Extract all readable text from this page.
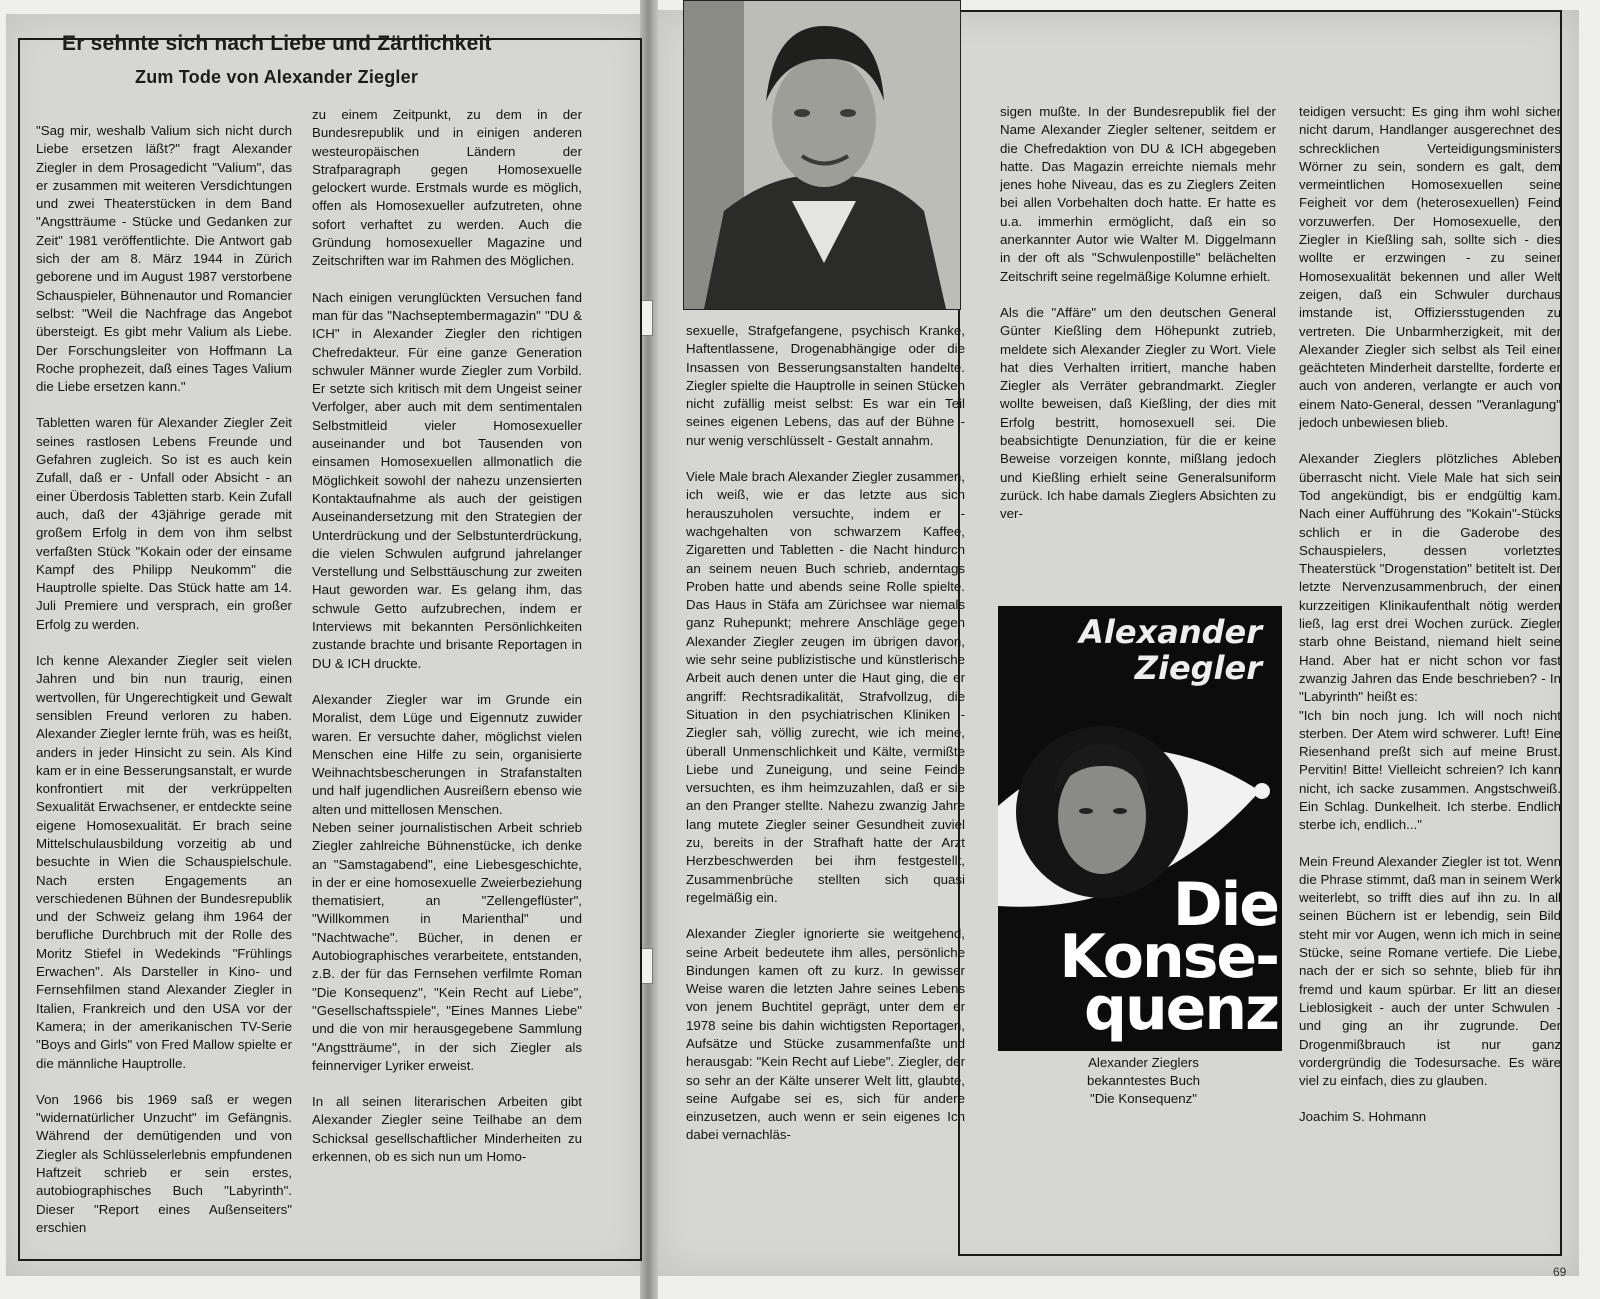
Er sehnte sich nach Liebe und Zärtlichkeit
Zum Tode von Alexander Ziegler

"Sag mir, weshalb Valium sich nicht durch Liebe ersetzen läßt?" fragt Alexander Ziegler in dem Prosagedicht "Valium", das er zusammen mit weiteren Versdichtungen und zwei Theaterstücken in dem Band "Angstträume - Stücke und Gedanken zur Zeit" 1981 veröffentlichte. Die Antwort gab sich der am 8. März 1944 in Zürich geborene und im August 1987 verstorbene Schauspieler, Bühnenautor und Romancier selbst: "Weil die Nachfrage das Angebot übersteigt. Es gibt mehr Valium als Liebe. Der Forschungsleiter von Hoffmann La Roche prophezeit, daß eines Tages Valium die Liebe ersetzen kann."

Tabletten waren für Alexander Ziegler Zeit seines rastlosen Lebens Freunde und Gefahren zugleich. So ist es auch kein Zufall, daß er - Unfall oder Absicht - an einer Überdosis Tabletten starb. Kein Zufall auch, daß der 43jährige gerade mit großem Erfolg in dem von ihm selbst verfaßten Stück "Kokain oder der einsame Kampf des Philipp Neukomm" die Hauptrolle spielte. Das Stück hatte am 14. Juli Premiere und versprach, ein großer Erfolg zu werden.

Ich kenne Alexander Ziegler seit vielen Jahren und bin nun traurig, einen wertvollen, für Ungerechtigkeit und Gewalt sensiblen Freund verloren zu haben. Alexander Ziegler lernte früh, was es heißt, anders in jeder Hinsicht zu sein. Als Kind kam er in eine Besserungsanstalt, er wurde konfrontiert mit der verkrüppelten Sexualität Erwachsener, er entdeckte seine eigene Homosexualität. Er brach seine Mittelschulausbildung vorzeitig ab und besuchte in Wien die Schauspielschule. Nach ersten Engagements an verschiedenen Bühnen der Bundesrepublik und der Schweiz gelang ihm 1964 der berufliche Durchbruch mit der Rolle des Moritz Stiefel in Wedekinds "Frühlings Erwachen". Als Darsteller in Kino- und Fernsehfilmen stand Alexander Ziegler in Italien, Frankreich und den USA vor der Kamera; in der amerikanischen TV-Serie "Boys and Girls" von Fred Mallow spielte er die männliche Hauptrolle.

Von 1966 bis 1969 saß er wegen "widernatürlicher Unzucht" im Gefängnis. Während der demütigenden und von Ziegler als Schlüsselerlebnis empfundenen Haftzeit schrieb er sein erstes, autobiographisches Buch "Labyrinth". Dieser "Report eines Außenseiters" erschien

zu einem Zeitpunkt, zu dem in der Bundesrepublik und in einigen anderen westeuropäischen Ländern der Strafparagraph gegen Homosexuelle gelockert wurde. Erstmals wurde es möglich, offen als Homosexueller aufzutreten, ohne sofort verhaftet zu werden. Auch die Gründung homosexueller Magazine und Zeitschriften war im Rahmen des Möglichen.

Nach einigen verunglückten Versuchen fand man für das "Nachseptembermagazin" "DU & ICH" in Alexander Ziegler den richtigen Chefredakteur. Für eine ganze Generation schwuler Männer wurde Ziegler zum Vorbild. Er setzte sich kritisch mit dem Ungeist seiner Verfolger, aber auch mit dem sentimentalen Selbstmitleid vieler Homosexueller auseinander und bot Tausenden von einsamen Homosexuellen allmonatlich die Möglichkeit sowohl der nahezu unzensierten Kontaktaufnahme als auch der geistigen Auseinandersetzung mit den Strategien der Unterdrückung und der Selbstunterdrückung, die vielen Schwulen aufgrund jahrelanger Verstellung und Selbsttäuschung zur zweiten Haut geworden war. Es gelang ihm, das schwule Getto aufzubrechen, indem er Interviews mit bekannten Persönlichkeiten zustande brachte und brisante Reportagen in DU & ICH druckte.

Alexander Ziegler war im Grunde ein Moralist, dem Lüge und Eigennutz zuwider waren. Er versuchte daher, möglichst vielen Menschen eine Hilfe zu sein, organisierte Weihnachtsbescherungen in Strafanstalten und half jugendlichen Ausreißern ebenso wie alten und mittellosen Menschen.

Neben seiner journalistischen Arbeit schrieb Ziegler zahlreiche Bühnenstücke, ich denke an "Samstagabend", eine Liebesgeschichte, in der er eine homosexuelle Zweierbeziehung thematisiert, an "Zellengeflüster", "Willkommen in Marienthal" und "Nachtwache". Bücher, in denen er Autobiographisches verarbeitete, entstanden, z.B. der für das Fernsehen verfilmte Roman "Die Konsequenz", "Kein Recht auf Liebe", "Gesellschaftsspiele", "Eines Mannes Liebe" und die von mir herausgegebene Sammlung "Angstträume", in der sich Ziegler als feinnerviger Lyriker erweist.

In all seinen literarischen Arbeiten gibt Alexander Ziegler seine Teilhabe an dem Schicksal gesellschaftlicher Minderheiten zu erkennen, ob es sich nun um Homo-

sexuelle, Strafgefangene, psychisch Kranke, Haftentlassene, Drogenabhängige oder die Insassen von Besserungsanstalten handelte. Ziegler spielte die Hauptrolle in seinen Stücken nicht zufällig meist selbst: Es war ein Teil seines eigenen Lebens, das auf der Bühne - nur wenig verschlüsselt - Gestalt annahm.

Viele Male brach Alexander Ziegler zusammen, ich weiß, wie er das letzte aus sich herauszuholen versuchte, indem er - wachgehalten von schwarzem Kaffee, Zigaretten und Tabletten - die Nacht hindurch an seinem neuen Buch schrieb, anderntags Proben hatte und abends seine Rolle spielte. Das Haus in Stäfa am Zürichsee war niemals ganz Ruhepunkt; mehrere Anschläge gegen Alexander Ziegler zeugen im übrigen davon, wie sehr seine publizistische und künstlerische Arbeit auch denen unter die Haut ging, die er angriff: Rechtsradikalität, Strafvollzug, die Situation in den psychiatrischen Kliniken - Ziegler sah, völlig zurecht, wie ich meine, überall Unmenschlichkeit und Kälte, vermißte Liebe und Zuneigung, und seine Feinde versuchten, es ihm heimzuzahlen, daß er sie an den Pranger stellte. Nahezu zwanzig Jahre lang mutete Ziegler seiner Gesundheit zuviel zu, bereits in der Strafhaft hatte der Arzt Herzbeschwerden bei ihm festgestellt, Zusammenbrüche stellten sich quasi regelmäßig ein.

Alexander Ziegler ignorierte sie weitgehend, seine Arbeit bedeutete ihm alles, persönliche Bindungen kamen oft zu kurz. In gewisser Weise waren die letzten Jahre seines Lebens von jenem Buchtitel geprägt, unter dem er 1978 seine bis dahin wichtigsten Reportagen, Aufsätze und Stücke zusammenfaßte und herausgab: "Kein Recht auf Liebe". Ziegler, der so sehr an der Kälte unserer Welt litt, glaubte, seine Aufgabe sei es, sich für andere einzusetzen, auch wenn er sein eigenes Ich dabei vernachläs-

sigen mußte. In der Bundesrepublik fiel der Name Alexander Ziegler seltener, seitdem er die Chefredaktion von DU & ICH abgegeben hatte. Das Magazin erreichte niemals mehr jenes hohe Niveau, das es zu Zieglers Zeiten bei allen Vorbehalten doch hatte. Er hatte es u.a. immerhin ermöglicht, daß ein so anerkannter Autor wie Walter M. Diggelmann in der oft als "Schwulenpostille" belächelten Zeitschrift seine regelmäßige Kolumne erhielt.

Als die "Affäre" um den deutschen General Günter Kießling dem Höhepunkt zutrieb, meldete sich Alexander Ziegler zu Wort. Viele hat dies Verhalten irritiert, manche haben Ziegler als Verräter gebrandmarkt. Ziegler wollte beweisen, daß Kießling, der dies mit Erfolg bestritt, homosexuell sei. Die beabsichtigte Denunziation, für die er keine Beweise vorzeigen konnte, mißlang jedoch und Kießling erhielt seine Generalsuniform zurück. Ich habe damals Zieglers Absichten zu ver-

Alexander
Ziegler
Die
Konse-
quenz
Alexander Zieglers
bekanntestes Buch
"Die Konsequenz"

teidigen versucht: Es ging ihm wohl sicher nicht darum, Handlanger ausgerechnet des schrecklichen Verteidigungsministers Wörner zu sein, sondern es galt, dem vermeintlichen Homosexuellen seine Feigheit vor dem (heterosexuellen) Feind vorzuwerfen. Der Homosexuelle, den Ziegler in Kießling sah, sollte sich - dies wollte er erzwingen - zu seiner Homosexualität bekennen und aller Welt zeigen, daß ein Schwuler durchaus imstande ist, Offiziersstugenden zu vertreten. Die Unbarmherzigkeit, mit der Alexander Ziegler sich selbst als Teil einer geächteten Minderheit darstellte, forderte er auch von anderen, verlangte er auch von einem Nato-General, dessen "Veranlagung" jedoch unbewiesen blieb.

Alexander Zieglers plötzliches Ableben überrascht nicht. Viele Male hat sich sein Tod angekündigt, bis er endgültig kam. Nach einer Aufführung des "Kokain"-Stücks schlich er in die Gaderobe des Schauspielers, dessen vorletztes Theaterstück "Drogenstation" betitelt ist. Der letzte Nervenzusammenbruch, der einen kurzzeitigen Klinikaufenthalt nötig werden ließ, lag erst drei Wochen zurück. Ziegler starb ohne Beistand, niemand hielt seine Hand. Aber hat er nicht schon vor fast zwanzig Jahren das Ende beschrieben? - In "Labyrinth" heißt es:

"Ich bin noch jung. Ich will noch nicht sterben. Der Atem wird schwerer. Luft! Eine Riesenhand preßt sich auf meine Brust. Pervitin! Bitte! Vielleicht schreien? Ich kann nicht, ich sacke zusammen. Angstschweiß. Ein Schlag. Dunkelheit. Ich sterbe. Endlich sterbe ich, endlich..."

Mein Freund Alexander Ziegler ist tot. Wenn die Phrase stimmt, daß man in seinem Werk weiterlebt, so trifft dies auf ihn zu. In all seinen Büchern ist er lebendig, sein Bild steht mir vor Augen, wenn ich mich in seine Stücke, seine Romane vertiefe. Die Liebe, nach der er sich so sehnte, blieb für ihn fremd und kaum spürbar. Er litt an dieser Lieblosigkeit - auch der unter Schwulen - und ging an ihr zugrunde. Der Drogenmißbrauch ist nur ganz vordergründig die Todesursache. Es wäre viel zu einfach, dies zu glauben.

Joachim S. Hohmann

69
